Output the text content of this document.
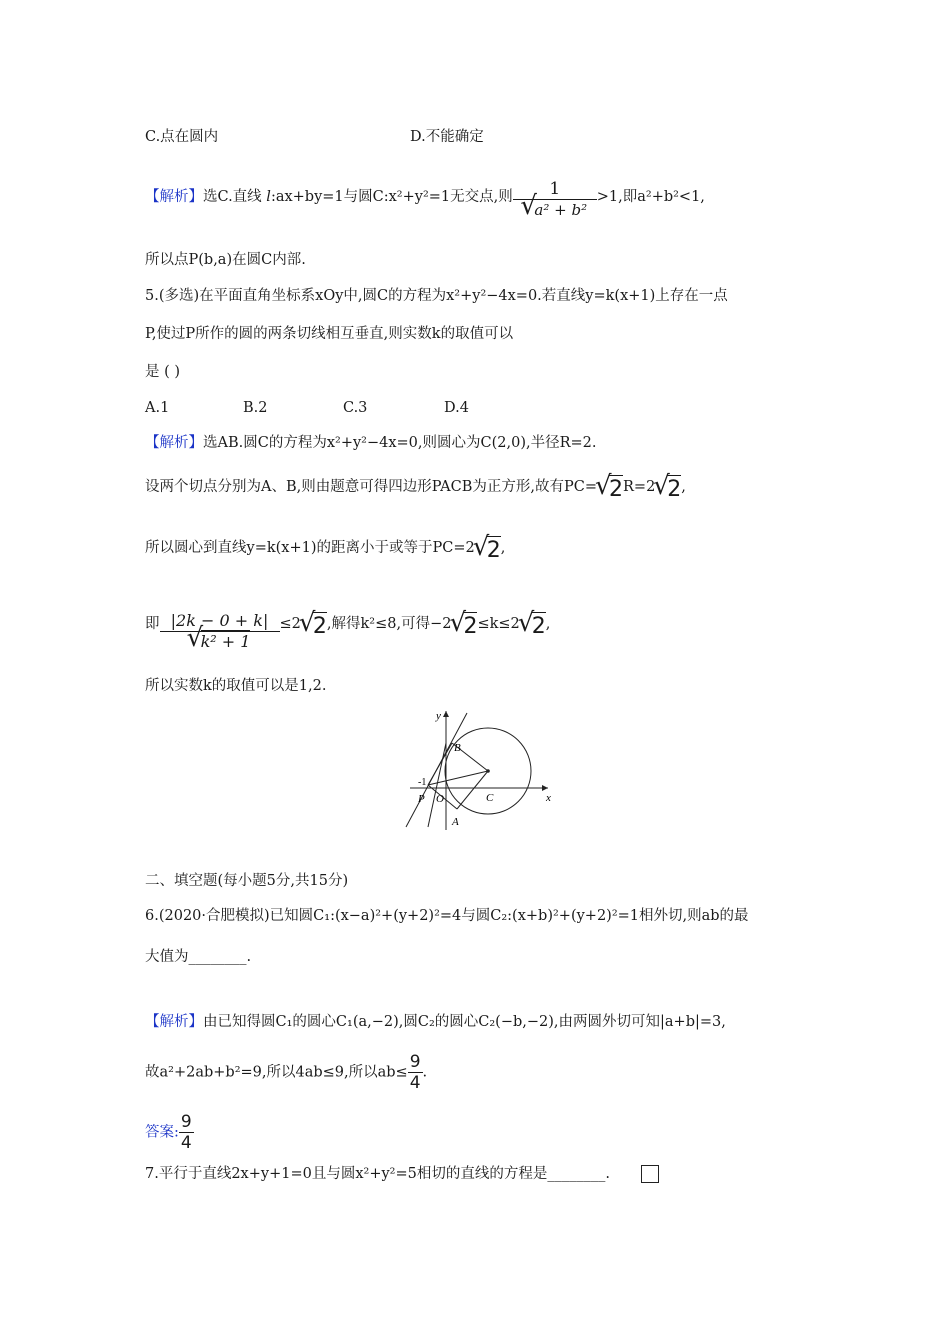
C.点在圆内	D.不能确定
【解析】选C.直线 l:ax+by=1与圆C:x²+y²=1无交点,则 1
√ a² + b² >1,即a²+b²<1,
所以点P(b,a)在圆C内部.
5.(多选)在平面直角坐标系xOy中,圆C的方程为x²+y²−4x=0.若直线y=k(x+1)上存在一点
P,使过P所作的圆的两条切线相互垂直,则实数k的取值可以
是 ( )
A.1	B.2	C.3	D.4
【解析】选AB.圆C的方程为x²+y²−4x=0,则圆心为C(2,0),半径R=2.
设两个切点分别为A、B,则由题意可得四边形PACB为正方形,故有PC= √ 2R=2 √ 2,
所以圆心到直线y=k(x+1)的距离小于或等于PC=2 √ 2,
即 |2k − 0 + k|
√ k² + 1 ≤2 √ 2,解得k²≤8,可得−2 √ 2≤k≤2 √ 2,
所以实数k的取值可以是1,2.
y
x
-1
P O	C
B
A
二、填空题(每小题5分,共15分)
6.(2020·合肥模拟)已知圆C₁:(x−a)²+(y+2)²=4与圆C₂:(x+b)²+(y+2)²=1相外切,则ab的最
大值为________.
【解析】由已知得圆C₁的圆心C₁(a,−2),圆C₂的圆心C₂(−b,−2),由两圆外切可知|a+b|=3,
故a²+2ab+b²=9,所以4ab≤9,所以$ab\le \frac{9}{4}$ .
答案: $\frac{9}{4}$
7.平行于直线2x+y+1=0且与圆x²+y²=5相切的直线的方程是________.
